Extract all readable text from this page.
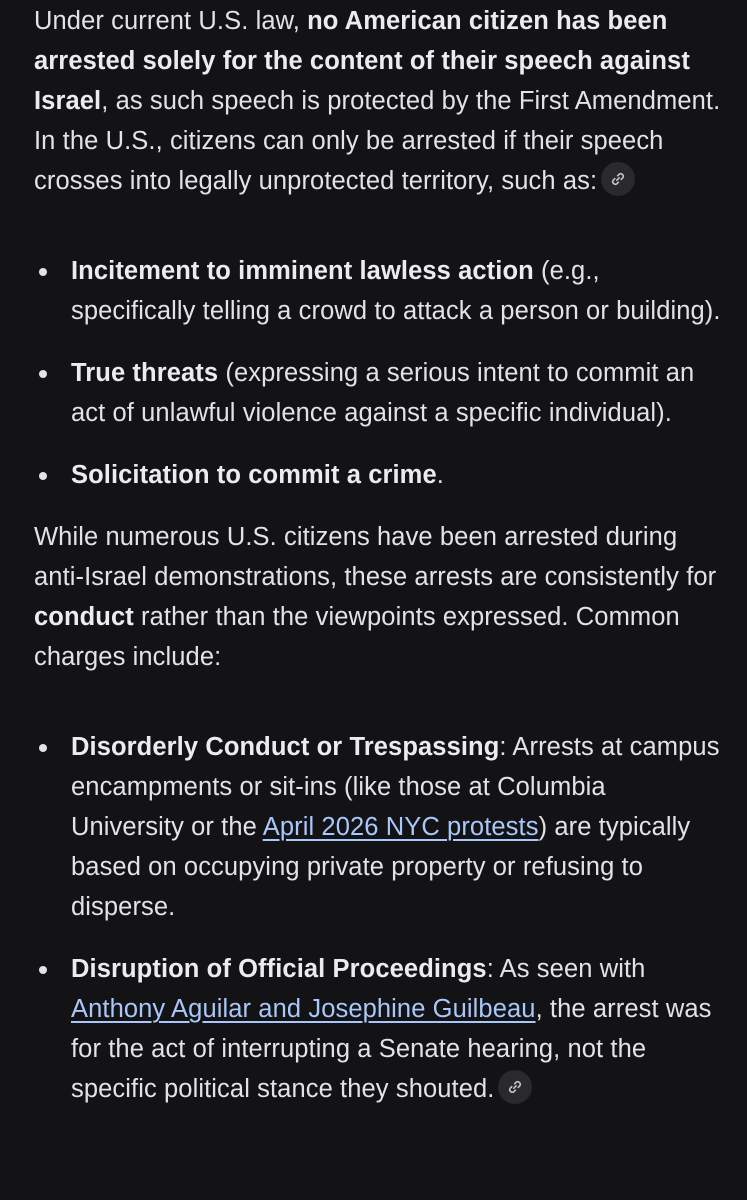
Under current U.S. law, no American citizen has been arrested solely for the content of their speech against Israel, as such speech is protected by the First Amendment. In the U.S., citizens can only be arrested if their speech crosses into legally unprotected territory, such as:

Incitement to imminent lawless action (e.g., specifically telling a crowd to attack a person or building).
True threats (expressing a serious intent to commit an act of unlawful violence against a specific individual).
Solicitation to commit a crime.

While numerous U.S. citizens have been arrested during anti-Israel demonstrations, these arrests are consistently for conduct rather than the viewpoints expressed. Common charges include:

Disorderly Conduct or Trespassing: Arrests at campus encampments or sit-ins (like those at Columbia University or the April 2026 NYC protests) are typically based on occupying private property or refusing to disperse.
Disruption of Official Proceedings: As seen with Anthony Aguilar and Josephine Guilbeau, the arrest was for the act of interrupting a Senate hearing, not the specific political stance they shouted.
